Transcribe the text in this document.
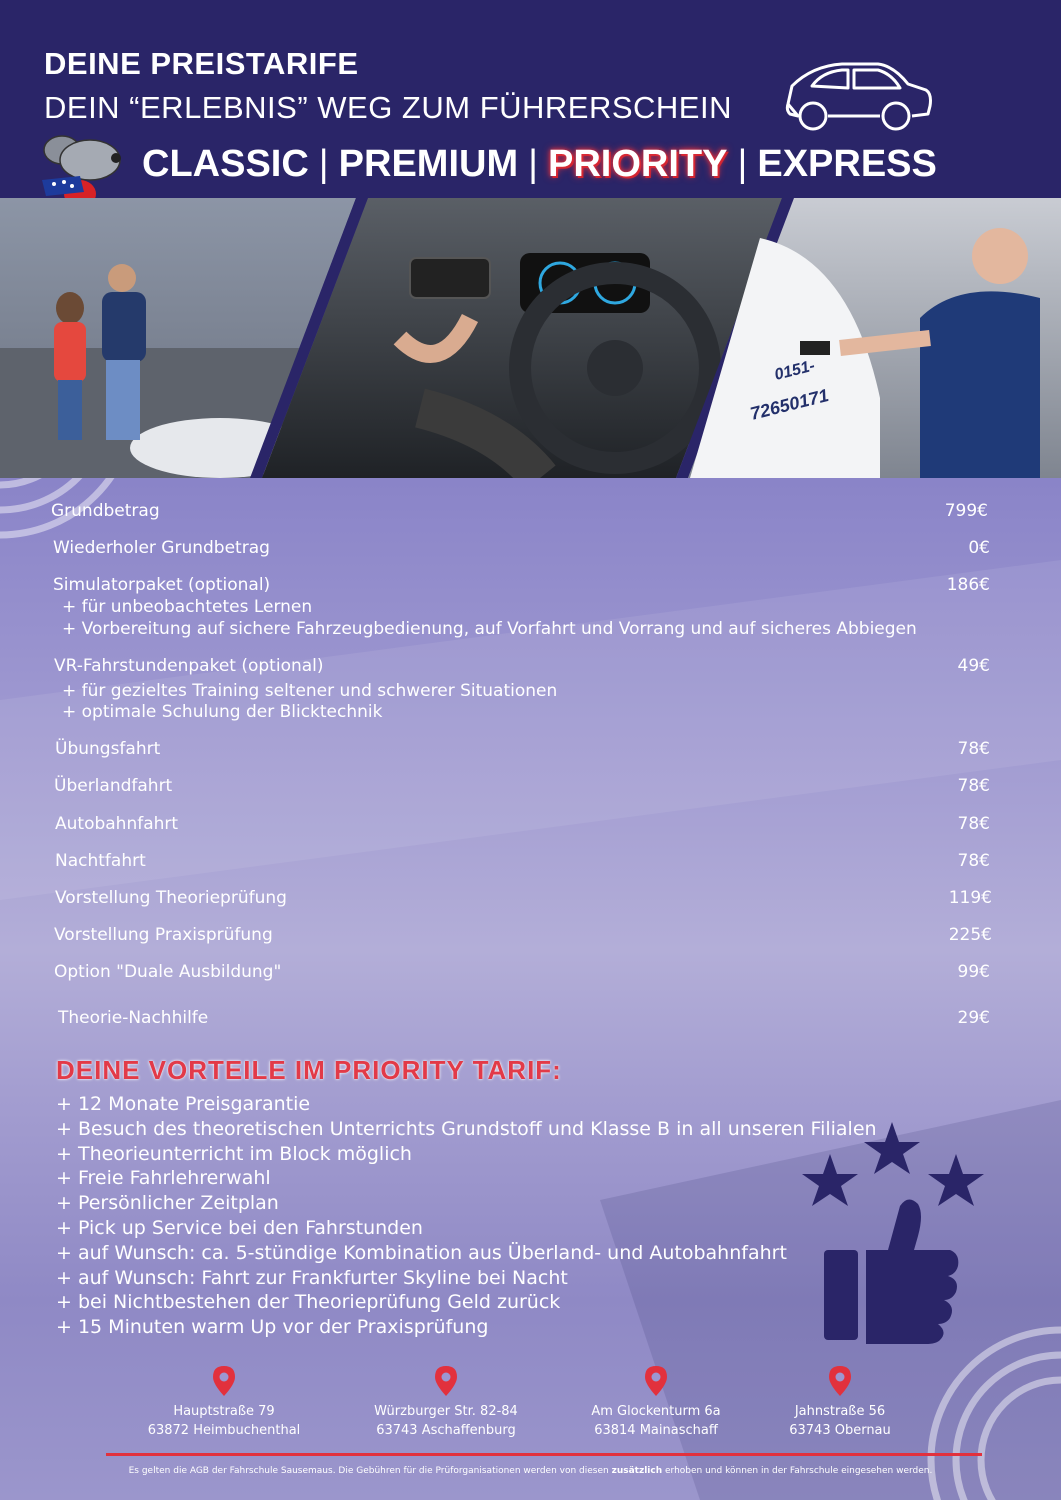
DEINE PREISTARIFE
DEIN “ERLEBNIS” WEG ZUM FÜHRERSCHEIN
CLASSIC | PREMIUM | PRIORITY | EXPRESS
0151-
72650171
Grundbetrag	799€
Wiederholer Grundbetrag	0€
Simulatorpaket (optional)	186€
+ für unbeobachtetes Lernen
+ Vorbereitung auf sichere Fahrzeugbedienung, auf Vorfahrt und Vorrang und auf sicheres Abbiegen
VR-Fahrstundenpaket (optional)	49€
+ für gezieltes Training seltener und schwerer Situationen
+ optimale Schulung der Blicktechnik
Übungsfahrt	78€
Überlandfahrt	78€
Autobahnfahrt	78€
Nachtfahrt	78€
Vorstellung Theorieprüfung	119€
Vorstellung Praxisprüfung	225€
Option "Duale Ausbildung"	99€
Theorie-Nachhilfe	29€
DEINE VORTEILE IM PRIORITY TARIF:
+ 12 Monate Preisgarantie
+ Besuch des theoretischen Unterrichts Grundstoff und Klasse B in all unseren Filialen
+ Theorieunterricht im Block möglich
+ Freie Fahrlehrerwahl
+ Persönlicher Zeitplan
+ Pick up Service bei den Fahrstunden
+ auf Wunsch: ca. 5-stündige Kombination aus Überland- und Autobahnfahrt
+ auf Wunsch: Fahrt zur Frankfurter Skyline bei Nacht
+ bei Nichtbestehen der Theorieprüfung Geld zurück
+ 15 Minuten warm Up vor der Praxisprüfung
Hauptstraße 79
63872 Heimbuchenthal
Würzburger Str. 82-84
63743 Aschaffenburg
Am Glockenturm 6a
63814 Mainaschaff
Jahnstraße 56
63743 Obernau
Es gelten die AGB der Fahrschule Sausemaus. Die Gebühren für die Prüforganisationen werden von diesen zusätzlich erhoben und können in der Fahrschule eingesehen werden.
